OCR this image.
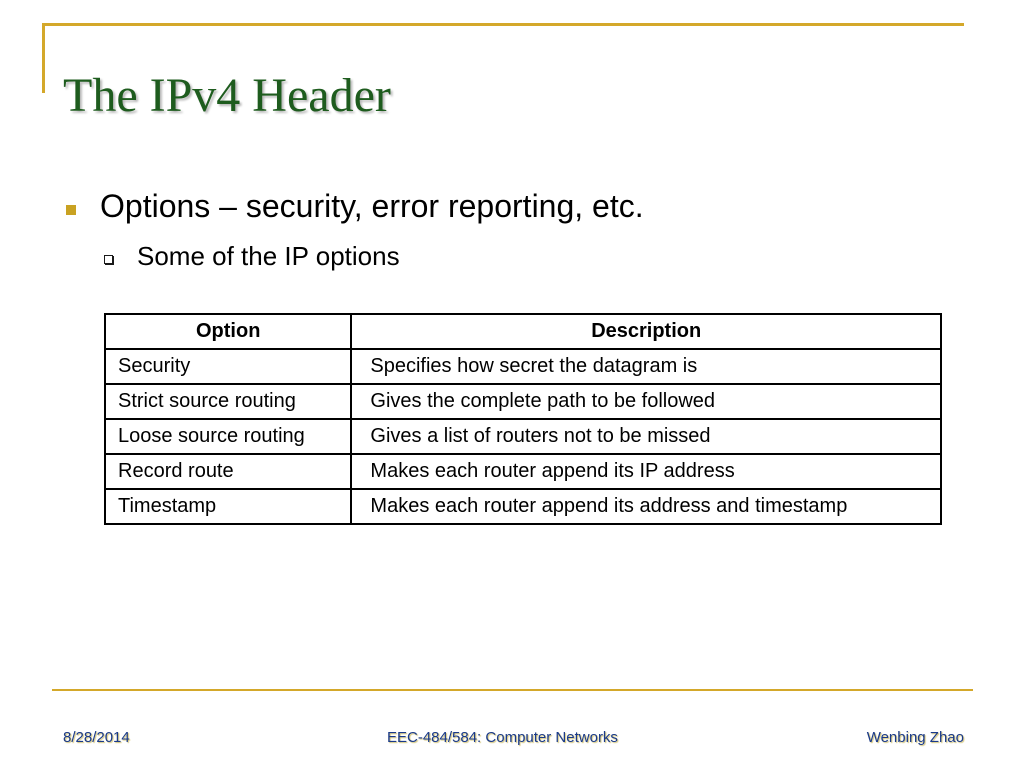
The IPv4 Header
Options – security, error reporting, etc.
Some of the IP options
Option	Description
Security	Specifies how secret the datagram is
Strict source routing	Gives the complete path to be followed
Loose source routing	Gives a list of routers not to be missed
Record route	Makes each router append its IP address
Timestamp	Makes each router append its address and timestamp
8/28/2014	EEC-484/584: Computer Networks	Wenbing Zhao
